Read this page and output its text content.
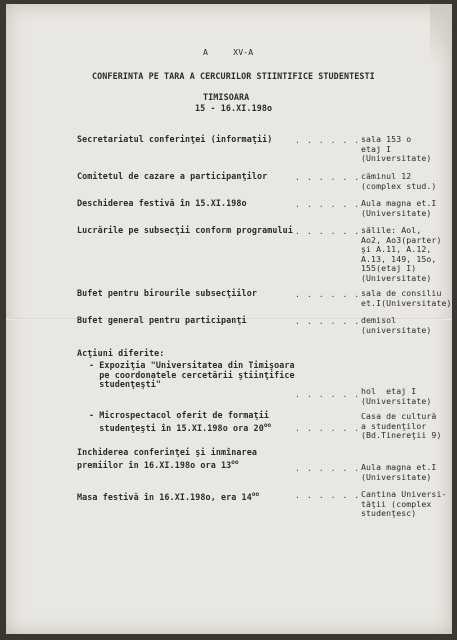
A     XV-A
CONFERINTA PE TARA A CERCURILOR STIINTIFICE STUDENTESTI
TIMISOARA
15 - 16.XI.198o
Secretariatul conferinţei (informaţii)	. . . . . . sala 153 o
etaj I
(Universitate)
Comitetul de cazare a participanţilor	. . . . . . căminul 12
(complex stud.)
Deschiderea festivă în 15.XI.198o	. . . . . . Aula magna et.I
(Universitate)
Lucrările pe subsecţii conform programului . . . . . . sălile: Aol,
Ao2, Ao3(parter)
şi A.11, A.12,
A.13, 149, 15o,
155(etaj I)
(Universitate)
Bufet pentru birourile subsecţiilor	. . . . . . sala de consiliu
et.I(Universitate)
Bufet general pentru participanţi	. . . . . . demisol
(universitate)
Acţiuni diferite:
- Expoziţia "Universitatea din Timişoara
pe coordonatele cercetării ştiinţifice
studenţeşti"
. . . . . . hol  etaj I
(Universitate)
- Microspectacol oferit de formaţii
studenţeşti în 15.XI.198o ora $20^{oo}$	. . . . . .
Casa de cultură
a studenţilor
(Bd.Tinereţii 9)
Inchiderea conferinţei şi inmînarea
premiilor în 16.XI.198o ora $13^{oo}$
. . . . . . Aula magna et.I
(Universitate)
Masa festivă în 16.XI.198o, era $14^{oo}$	. . . . . . Cantina Universi-
tăţii (complex
studenţesc)
